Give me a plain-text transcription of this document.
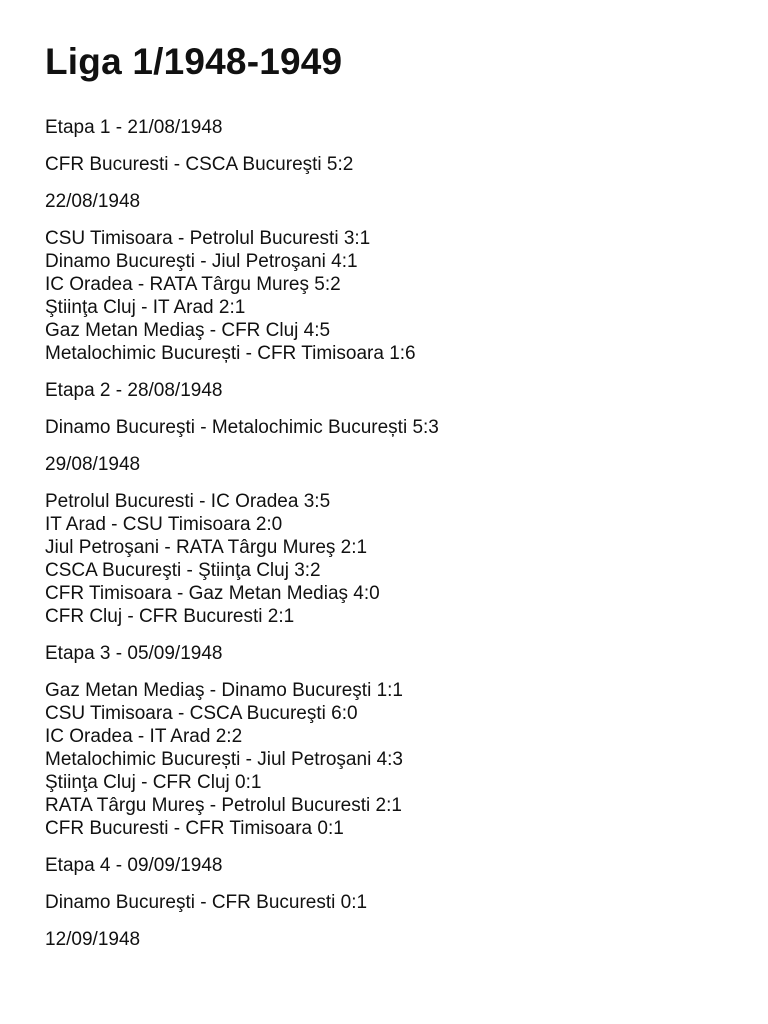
Liga 1/1948-1949
Etapa 1 - 21/08/1948
CFR Bucuresti - CSCA Bucureşti 5:2
22/08/1948
CSU Timisoara - Petrolul Bucuresti 3:1
Dinamo Bucureşti - Jiul Petroşani 4:1
IC Oradea - RATA Târgu Mureş 5:2
Ştiinţa Cluj - IT Arad 2:1
Gaz Metan Mediaş - CFR Cluj 4:5
Metalochimic București - CFR Timisoara 1:6
Etapa 2 - 28/08/1948
Dinamo Bucureşti - Metalochimic București 5:3
29/08/1948
Petrolul Bucuresti - IC Oradea 3:5
IT Arad - CSU Timisoara 2:0
Jiul Petroşani - RATA Târgu Mureş 2:1
CSCA Bucureşti - Ştiinţa Cluj 3:2
CFR Timisoara - Gaz Metan Mediaş 4:0
CFR Cluj - CFR Bucuresti 2:1
Etapa 3 - 05/09/1948
Gaz Metan Mediaş - Dinamo Bucureşti 1:1
CSU Timisoara - CSCA Bucureşti 6:0
IC Oradea - IT Arad 2:2
Metalochimic București - Jiul Petroşani 4:3
Ştiinţa Cluj - CFR Cluj 0:1
RATA Târgu Mureş - Petrolul Bucuresti 2:1
CFR Bucuresti - CFR Timisoara 0:1
Etapa 4 - 09/09/1948
Dinamo Bucureşti - CFR Bucuresti 0:1
12/09/1948
